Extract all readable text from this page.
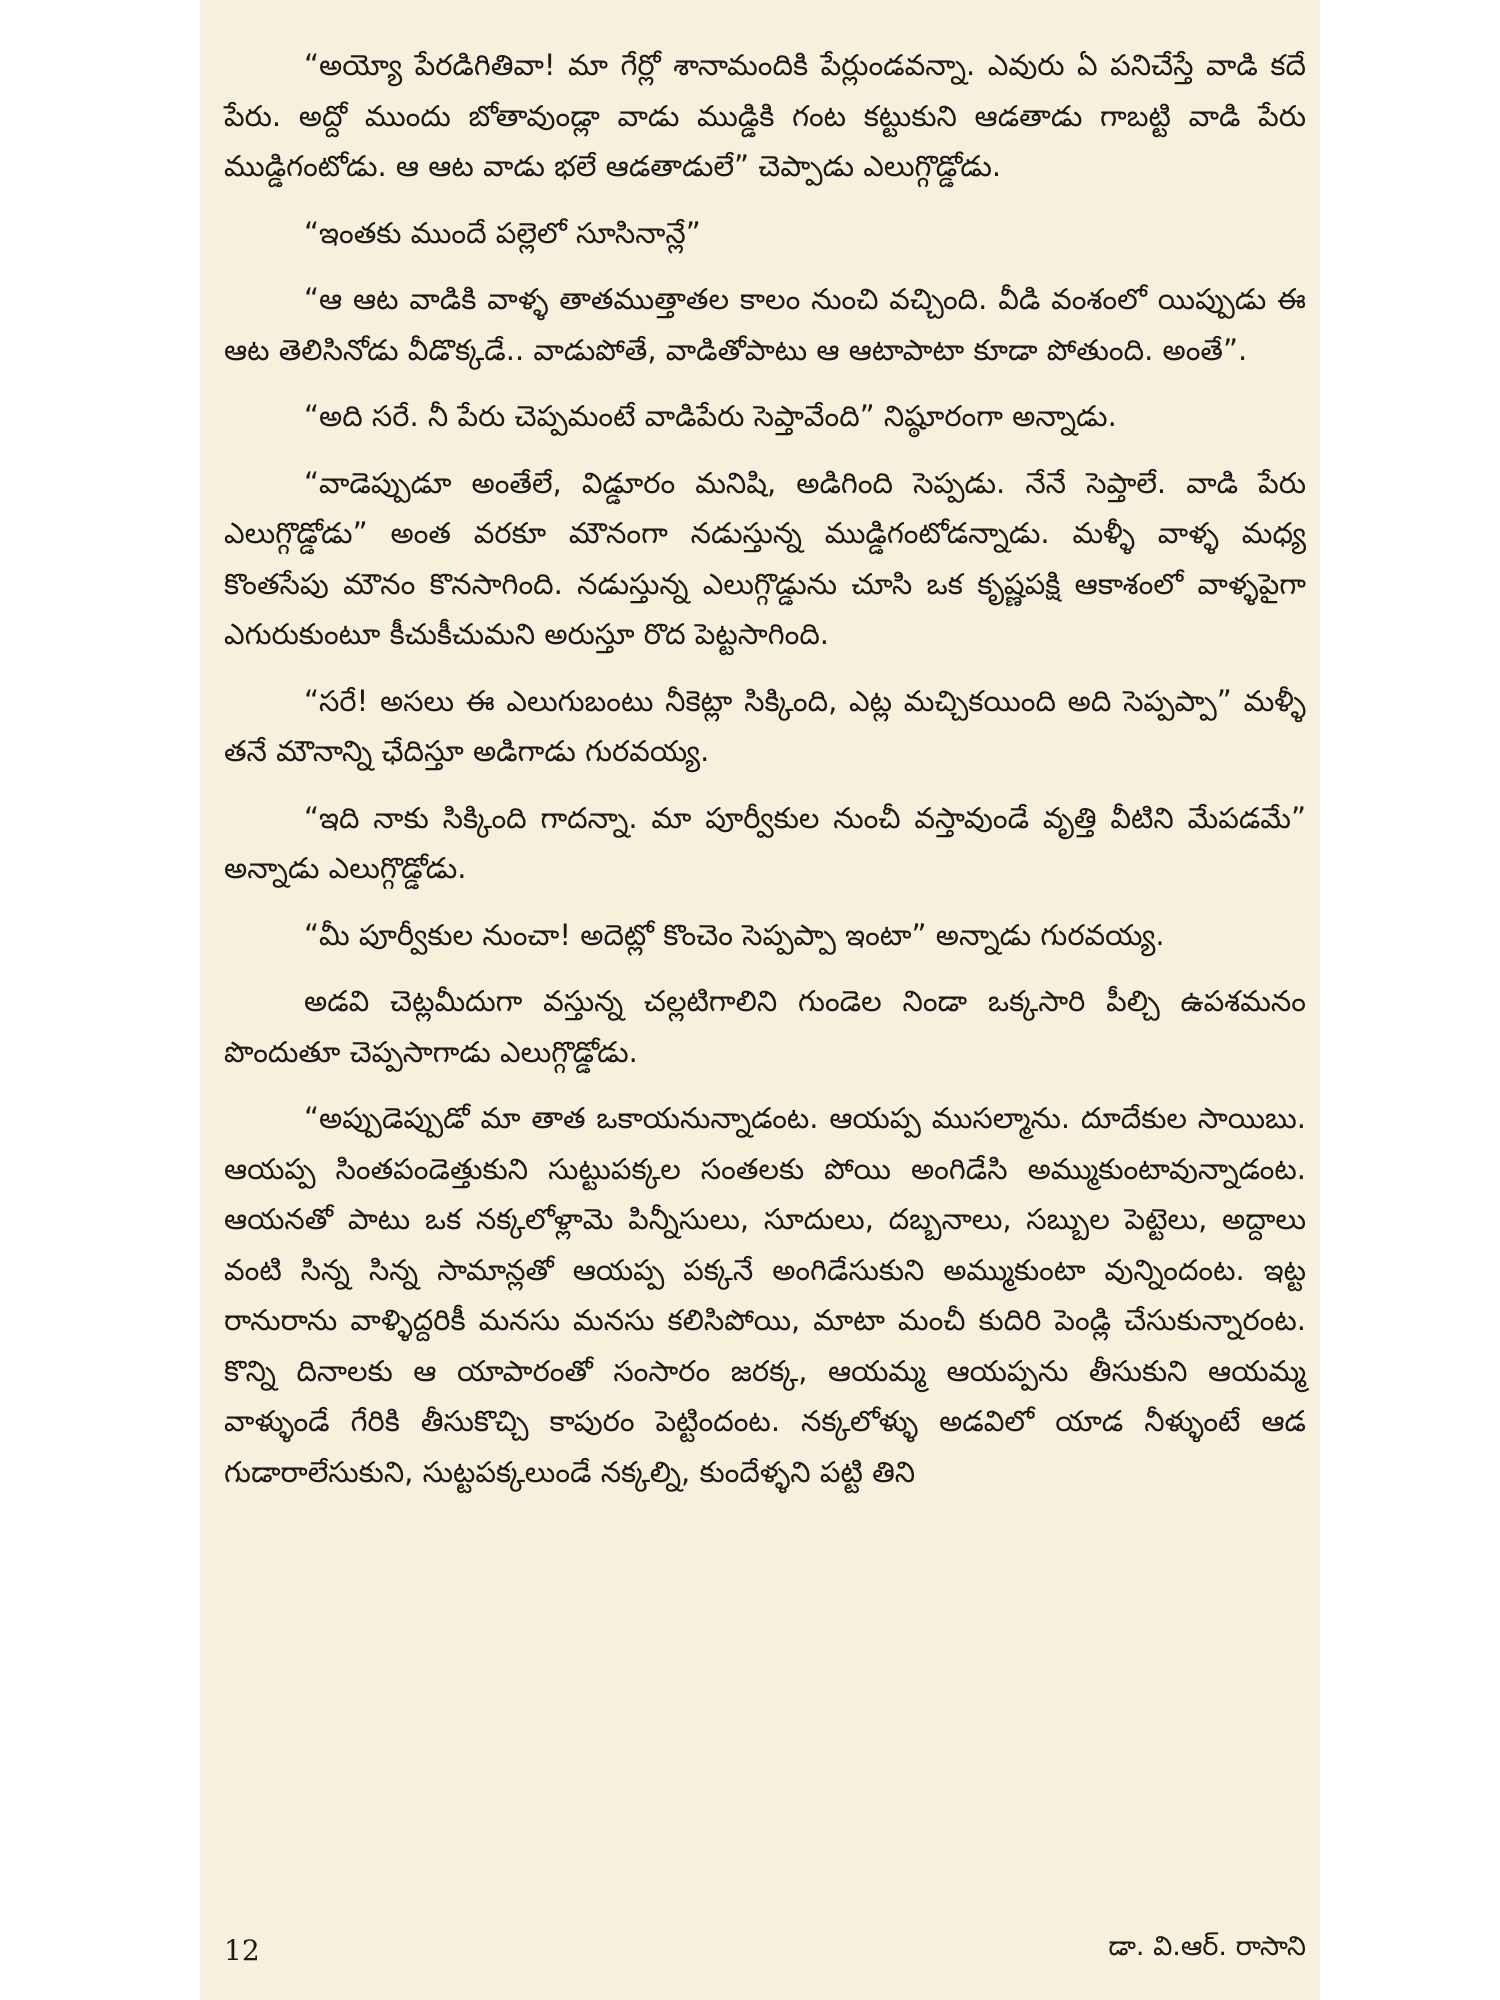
“అయ్యో పేరడిగితివా! మా గేర్లో శానామందికి పేర్లుండవన్నా. ఎవురు ఏ పనిచేస్తే వాడి కదే పేరు. అద్దో ముందు బోతావుండ్లా వాడు ముడ్డికి గంట కట్టుకుని ఆడతాడు గాబట్టి వాడి పేరు ముడ్డిగంటోడు. ఆ ఆట వాడు భలే ఆడతాడులే” చెప్పాడు ఎలుగ్గొడ్డోడు.

“ఇంతకు ముందే పల్లెలో సూసినాన్లే”

“ఆ ఆట వాడికి వాళ్ళ తాతముత్తాతల కాలం నుంచి వచ్చింది. వీడి వంశంలో యిప్పుడు ఈ ఆట తెలిసినోడు వీడొక్కడే.. వాడుపోతే, వాడితోపాటు ఆ ఆటాపాటా కూడా పోతుంది. అంతే”.

“అది సరే. నీ పేరు చెప్పమంటే వాడిపేరు సెప్తావేంది” నిష్ఠూరంగా అన్నాడు.

“వాడెప్పుడూ అంతేలే, విడ్డూరం మనిషి, అడిగింది సెప్పడు. నేనే సెప్తాలే. వాడి పేరు ఎలుగ్గొడ్డోడు” అంత వరకూ మౌనంగా నడుస్తున్న ముడ్డిగంటోడన్నాడు. మళ్ళీ వాళ్ళ మధ్య కొంతసేపు మౌనం కొనసాగింది. నడుస్తున్న ఎలుగ్గొడ్డును చూసి ఒక కృష్ణపక్షి ఆకాశంలో వాళ్ళపైగా ఎగురుకుంటూ కీచుకీచుమని అరుస్తూ రొద పెట్టసాగింది.

“సరే! అసలు ఈ ఎలుగుబంటు నీకెట్లా సిక్కింది, ఎట్ల మచ్చికయింది అది సెప్పప్పా” మళ్ళీ తనే మౌనాన్ని ఛేదిస్తూ అడిగాడు గురవయ్య.

“ఇది నాకు సిక్కింది గాదన్నా. మా పూర్వీకుల నుంచీ వస్తావుండే వృత్తి వీటిని మేపడమే” అన్నాడు ఎలుగ్గొడ్డోడు.

“మీ పూర్వీకుల నుంచా! అదెట్లో కొంచెం సెప్పప్పా ఇంటా” అన్నాడు గురవయ్య.

అడవి చెట్లమీదుగా వస్తున్న చల్లటిగాలిని గుండెల నిండా ఒక్కసారి పీల్చి ఉపశమనం పొందుతూ చెప్పసాగాడు ఎలుగ్గొడ్డోడు.

“అప్పుడెప్పుడో మా తాత ఒకాయనున్నాడంట. ఆయప్ప ముసల్మాను. దూదేకుల సాయిబు. ఆయప్ప సింతపండెత్తుకుని సుట్టుపక్కల సంతలకు పోయి అంగిడేసి అమ్ముకుంటావున్నాడంట. ఆయనతో పాటు ఒక నక్కలోళ్లామె పిన్నీసులు, సూదులు, దబ్బనాలు, సబ్బుల పెట్టెలు, అద్దాలు వంటి సిన్న సిన్న సామాన్లతో ఆయప్ప పక్కనే అంగిడేసుకుని అమ్ముకుంటా వున్నిందంట. ఇట్ట రానురాను వాళ్ళిద్దరికీ మనసు మనసు కలిసిపోయి, మాటా మంచీ కుదిరి పెండ్లి చేసుకున్నారంట. కొన్ని దినాలకు ఆ యాపారంతో సంసారం జరక్క, ఆయమ్మ ఆయప్పను తీసుకుని ఆయమ్మ వాళ్ళుండే గేరికి తీసుకొచ్చి కాపురం పెట్టిందంట. నక్కలోళ్ళు అడవిలో యాడ నీళ్ళుంటే ఆడ గుడారాలేసుకుని, సుట్టపక్కలుండే నక్కల్ని, కుందేళ్ళని పట్టి తిని

12	డా. వి.ఆర్. రాసాని
